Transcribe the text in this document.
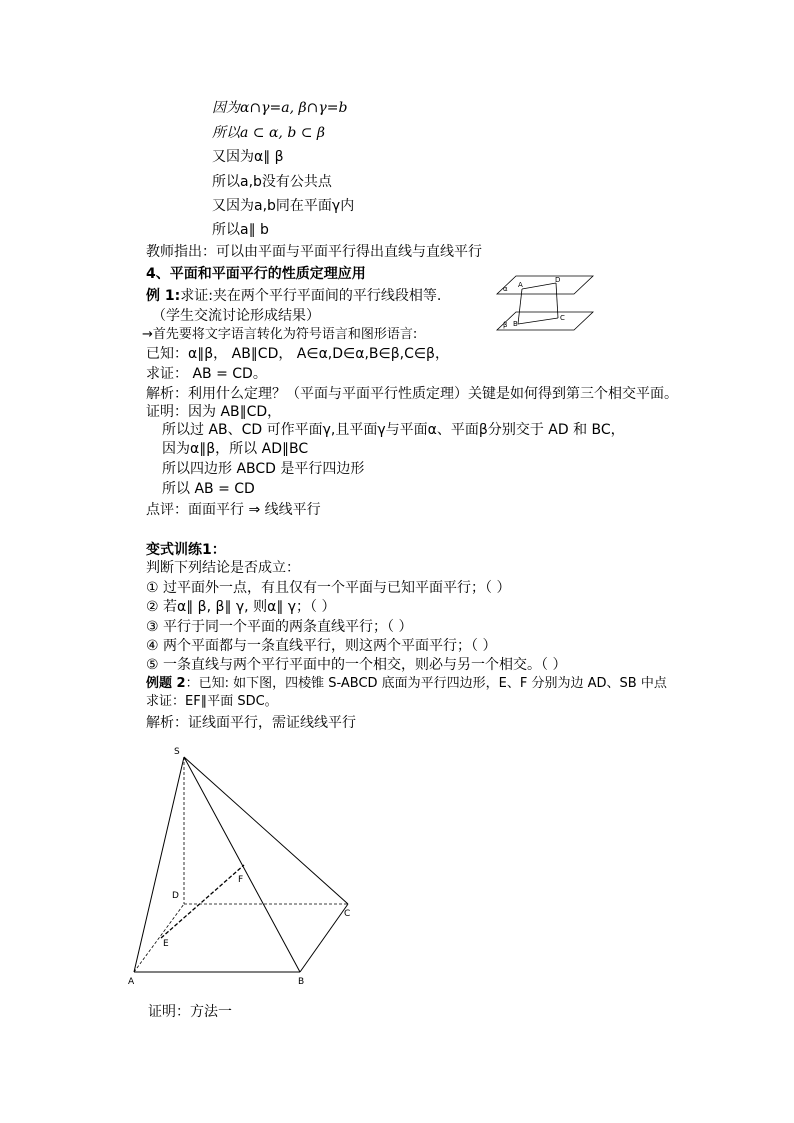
因为α∩γ=a, β∩γ=b
所以a ⊂ α, b ⊂ β
又因为α∥ β
所以a,b没有公共点
又因为a,b同在平面γ内
所以a∥ b
教师指出：可以由平面与平面平行得出直线与直线平行
4、平面和平面平行的性质定理应用
例 1:求证:夹在两个平行平面间的平行线段相等.
（学生交流讨论形成结果）
→首先要将文字语言转化为符号语言和图形语言:
已知：α∥β， AB∥CD， A∈α,D∈α,B∈β,C∈β，
求证： AB = CD。
解析：利用什么定理？（平面与平面平行性质定理）关键是如何得到第三个相交平面。
证明：因为 AB∥CD，
所以过 AB、CD 可作平面γ,且平面γ与平面α、平面β分别交于 AD 和 BC，
因为α∥β，所以 AD∥BC
所以四边形 ABCD 是平行四边形
所以 AB = CD
点评：面面平行 ⇒ 线线平行
α A
D
β B
C
变式训练1：
判断下列结论是否成立：
① 过平面外一点，有且仅有一个平面与已知平面平行；（ ）
② 若α∥ β, β∥ γ, 则α∥ γ；（ ）
③ 平行于同一个平面的两条直线平行；（ ）
④ 两个平面都与一条直线平行，则这两个平面平行；（ ）
⑤ 一条直线与两个平行平面中的一个相交，则必与另一个相交。（ ）
例题 2：已知: 如下图，四棱锥 S-ABCD 底面为平行四边形，E、F 分别为边 AD、SB 中点
求证：EF∥平面 SDC。
解析：证线面平行，需证线线平行
S
D
F
C
E
A	B
证明：方法一
